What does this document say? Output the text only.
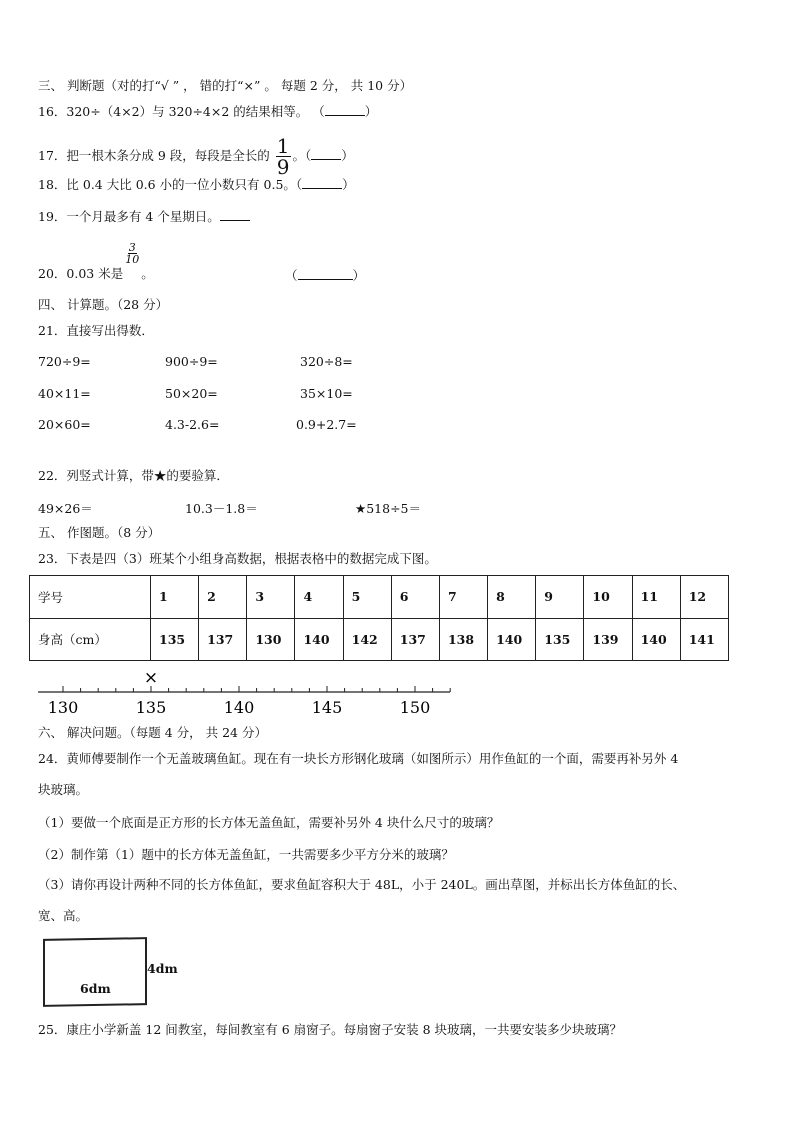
三、 判断题（对的打“√ ” ， 错的打“×” 。 每题 2 分， 共 10 分）
16．320÷（4×2）与 320÷4×2 的结果相等。 （	）
17．把一根木条分成 9 段，每段是全长的 $\frac{1}{9}$ 。（ ）
18．比 0.4 大比 0.6 小的一位小数只有 0.5。（	）
19．一个月最多有 4 个星期日。
20．0.03 米是
$\frac{3}{10}$
。	（	）
四、 计算题。（28 分）
21．直接写出得数．
720÷9=	900÷9=	320÷8=
40×11=	50×20=	35×10=
20×60=	4.3-2.6=	0.9+2.7=
22．列竖式计算，带★的要验算．
49×26＝	10.3－1.8＝	★518÷5＝
五、 作图题。（8 分）
23．下表是四（3）班某个小组身高数据，根据表格中的数据完成下图。
学号	1	2	3	4	5	6	7	8	9	10	11	12
身高（cm）	135	137	130	140	142	137	138	140	135	139	140	141
130	135	140	145	150
×
六、 解决问题。（每题 4 分， 共 24 分）
24．黄师傅要制作一个无盖玻璃鱼缸。现在有一块长方形钢化玻璃（如图所示）用作鱼缸的一个面，需要再补另外 4
块玻璃。
（1）要做一个底面是正方形的长方体无盖鱼缸，需要补另外 4 块什么尺寸的玻璃？
（2）制作第（1）题中的长方体无盖鱼缸，一共需要多少平方分米的玻璃？
（3）请你再设计两种不同的长方体鱼缸，要求鱼缸容积大于 48L，小于 240L。画出草图，并标出长方体鱼缸的长、
宽、高。
6dm
4dm
25．康庄小学新盖 12 间教室，每间教室有 6 扇窗子。每扇窗子安装 8 块玻璃，一共要安装多少块玻璃？
